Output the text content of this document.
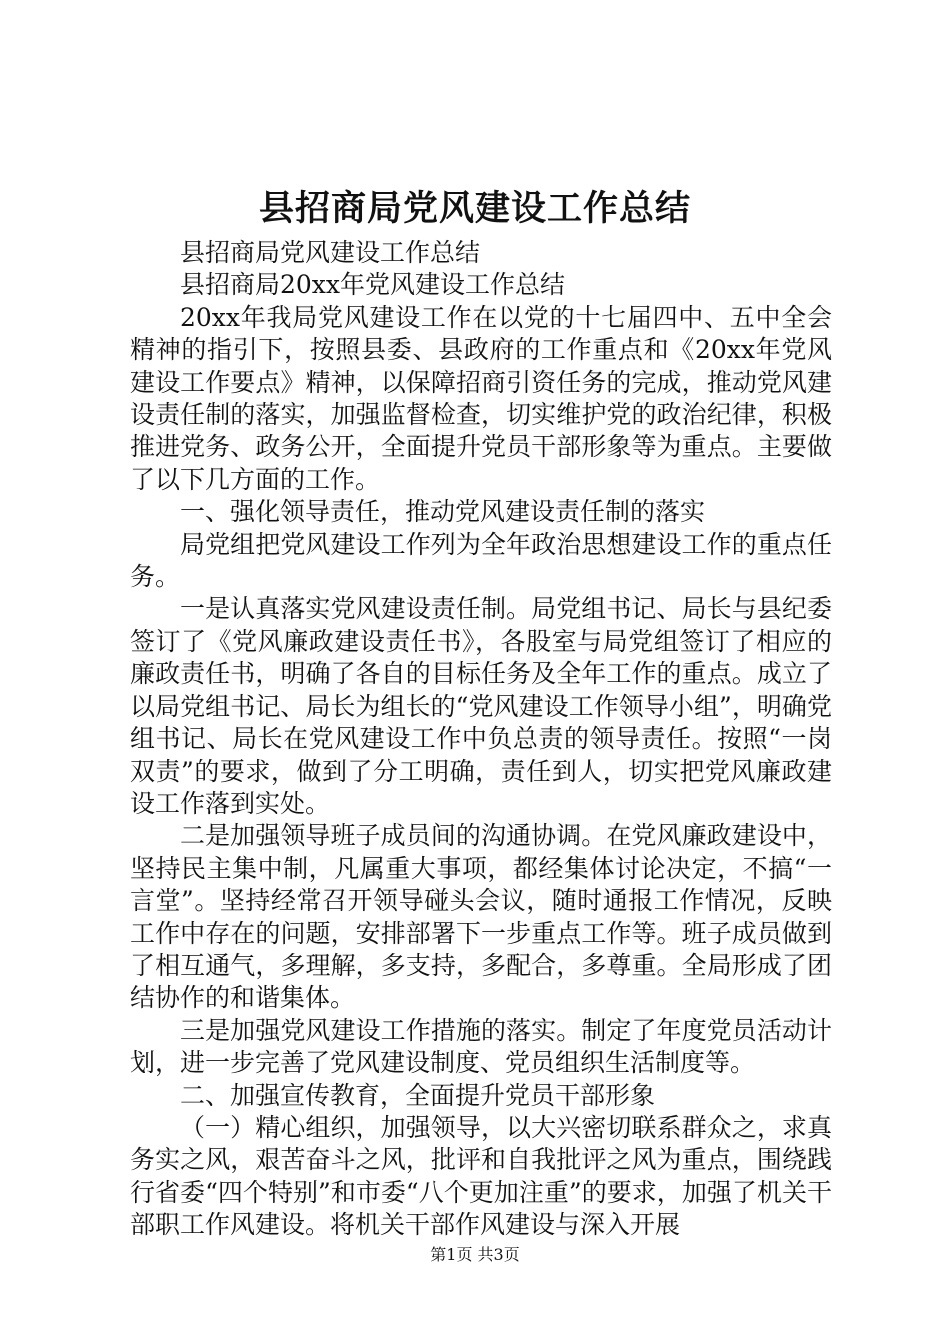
县招商局党风建设工作总结

县招商局党风建设工作总结

县招商局20xx年党风建设工作总结

20xx年我局党风建设工作在以党的十七届四中、五中全会精神的指引下，按照县委、县政府的工作重点和《20xx年党风建设工作要点》精神，以保障招商引资任务的完成，推动党风建设责任制的落实，加强监督检查，切实维护党的政治纪律，积极推进党务、政务公开，全面提升党员干部形象等为重点。主要做了以下几方面的工作。

一、强化领导责任，推动党风建设责任制的落实

局党组把党风建设工作列为全年政治思想建设工作的重点任务。

一是认真落实党风建设责任制。局党组书记、局长与县纪委签订了《党风廉政建设责任书》，各股室与局党组签订了相应的廉政责任书，明确了各自的目标任务及全年工作的重点。成立了以局党组书记、局长为组长的“党风建设工作领导小组”，明确党组书记、局长在党风建设工作中负总责的领导责任。按照“一岗双责”的要求，做到了分工明确，责任到人，切实把党风廉政建设工作落到实处。

二是加强领导班子成员间的沟通协调。在党风廉政建设中，坚持民主集中制，凡属重大事项，都经集体讨论决定，不搞“一言堂”。坚持经常召开领导碰头会议，随时通报工作情况，反映工作中存在的问题，安排部署下一步重点工作等。班子成员做到了相互通气，多理解，多支持，多配合，多尊重。全局形成了团结协作的和谐集体。

三是加强党风建设工作措施的落实。制定了年度党员活动计划，进一步完善了党风建设制度、党员组织生活制度等。

二、加强宣传教育，全面提升党员干部形象

（一）精心组织，加强领导，以大兴密切联系群众之，求真务实之风，艰苦奋斗之风，批评和自我批评之风为重点，围绕践行省委“四个特别”和市委“八个更加注重”的要求，加强了机关干部职工作风建设。将机关干部作风建设与深入开展

第1页 共3页
